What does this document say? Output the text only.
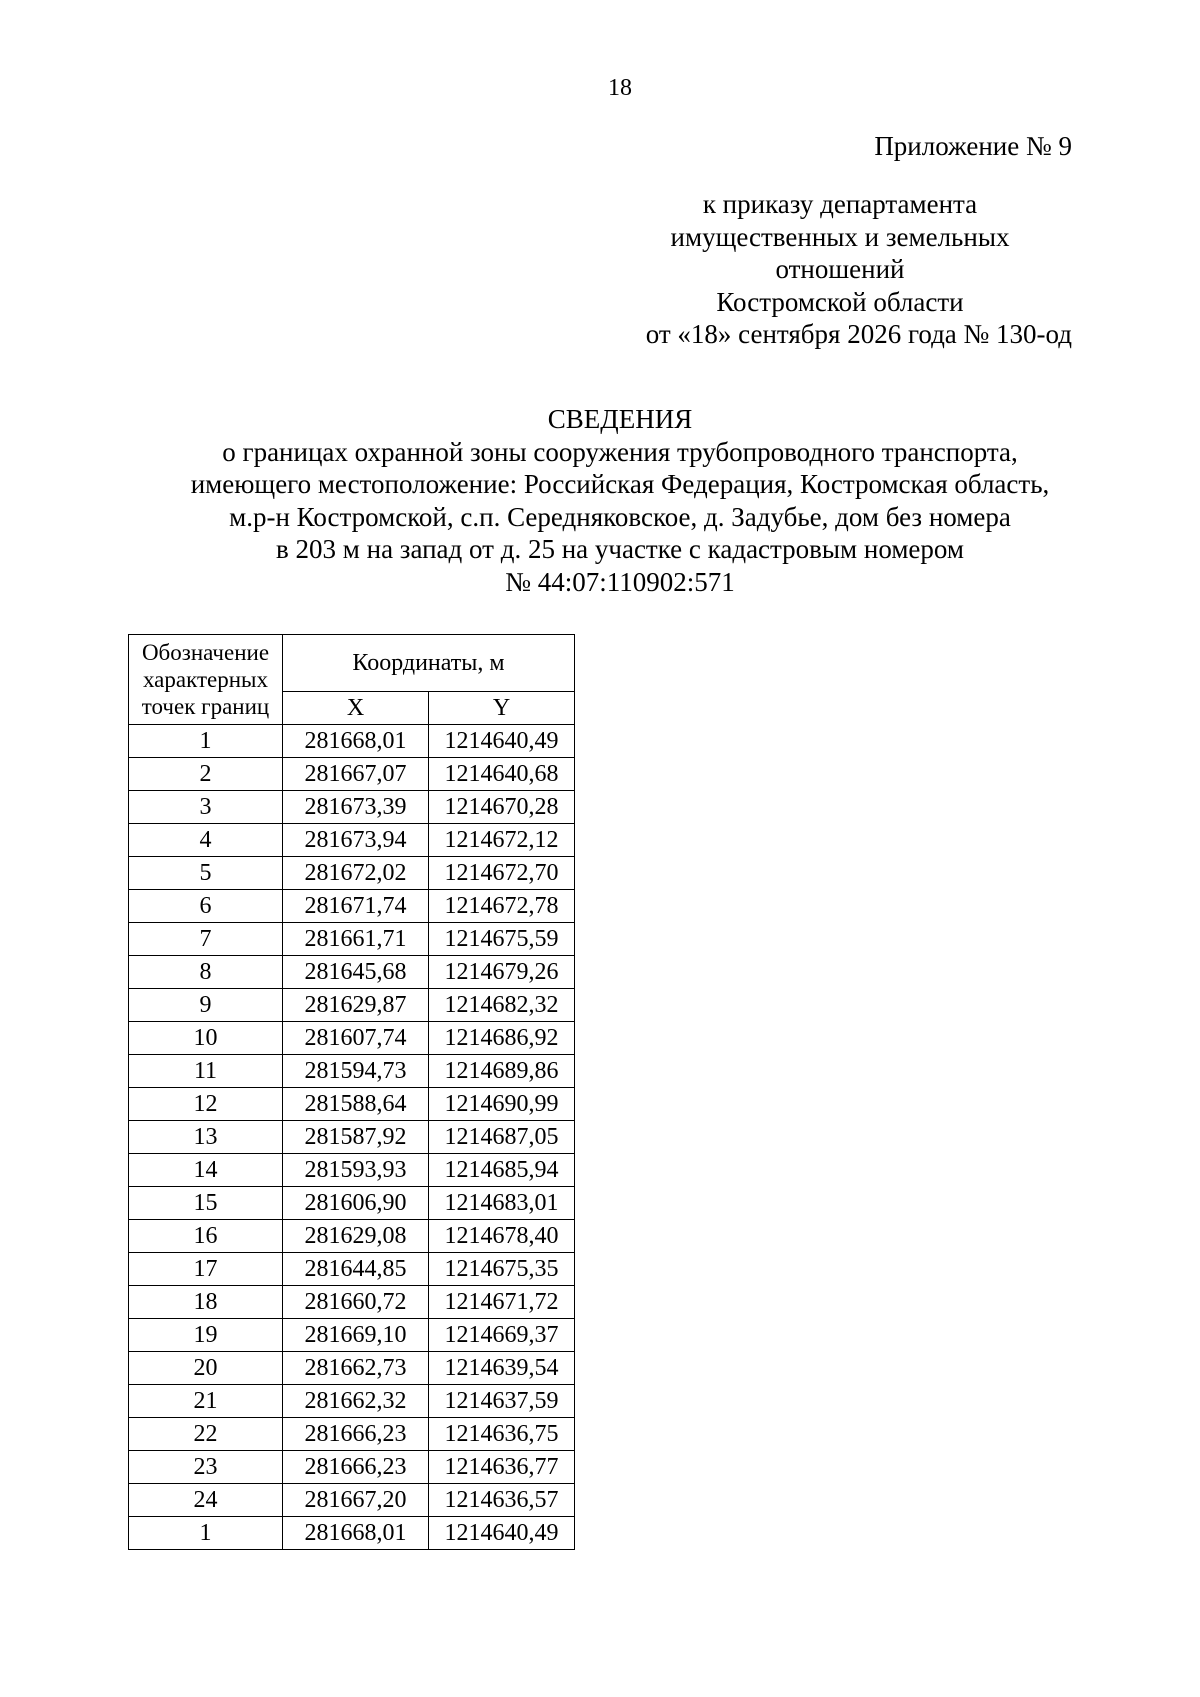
18
Приложение № 9
к приказу департамента
имущественных и земельных
отношений
Костромской области
от «18» сентября 2026 года № 130-од
СВЕДЕНИЯ
о границах охранной зоны сооружения трубопроводного транспорта,
имеющего местоположение: Российская Федерация, Костромская область,
м.р-н Костромской, с.п. Середняковское, д. Задубье, дом без номера
в 203 м на запад от д. 25 на участке с кадастровым номером
№ 44:07:110902:571
Обозначение характерных точек границ	Координаты, м	
	X	Y
1	281668,01	1214640,49
2	281667,07	1214640,68
3	281673,39	1214670,28
4	281673,94	1214672,12
5	281672,02	1214672,70
6	281671,74	1214672,78
7	281661,71	1214675,59
8	281645,68	1214679,26
9	281629,87	1214682,32
10	281607,74	1214686,92
11	281594,73	1214689,86
12	281588,64	1214690,99
13	281587,92	1214687,05
14	281593,93	1214685,94
15	281606,90	1214683,01
16	281629,08	1214678,40
17	281644,85	1214675,35
18	281660,72	1214671,72
19	281669,10	1214669,37
20	281662,73	1214639,54
21	281662,32	1214637,59
22	281666,23	1214636,75
23	281666,23	1214636,77
24	281667,20	1214636,57
1	281668,01	1214640,49
